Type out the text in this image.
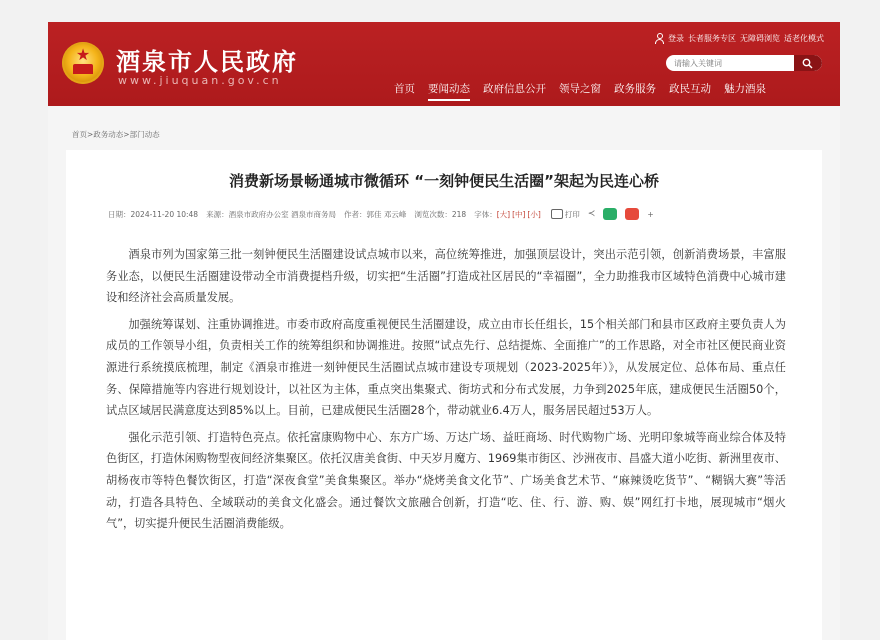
★	酒泉市人民政府
www.jiuquan.gov.cn
登录 长者服务专区 无障碍浏览 适老化模式
请输入关键词
首页 要闻动态 政府信息公开 领导之窗 政务服务 政民互动 魅力酒泉
首页>政务动态>部门动态
消费新场景畅通城市微循环 “一刻钟便民生活圈”架起为民连心桥
日期：2024-11-20 10:48 来源：酒泉市政府办公室 酒泉市商务局 作者：郭佳 邓云峰 浏览次数：218 字体： [大] [中] [小]	打印 ≺	+

酒泉市列为国家第三批一刻钟便民生活圈建设试点城市以来，高位统筹推进，加强顶层设计，突出示范引领，创新消费场景，丰富服务业态，以便民生活圈建设带动全市消费提档升级，切实把“生活圈”打造成社区居民的“幸福圈”，全力助推我市区域特色消费中心城市建设和经济社会高质量发展。

加强统筹谋划、注重协调推进。市委市政府高度重视便民生活圈建设，成立由市长任组长，15个相关部门和县市区政府主要负责人为成员的工作领导小组，负责相关工作的统筹组织和协调推进。按照“试点先行、总结提炼、全面推广”的工作思路，对全市社区便民商业资源进行系统摸底梳理，制定《酒泉市推进一刻钟便民生活圈试点城市建设专项规划（2023-2025年）》，从发展定位、总体布局、重点任务、保障措施等内容进行规划设计，以社区为主体，重点突出集聚式、街坊式和分布式发展，力争到2025年底，建成便民生活圈50个，试点区域居民满意度达到85%以上。目前，已建成便民生活圈28个，带动就业6.4万人，服务居民超过53万人。

强化示范引领、打造特色亮点。依托富康购物中心、东方广场、万达广场、益旺商场、时代购物广场、光明印象城等商业综合体及特色街区，打造休闲购物型夜间经济集聚区。依托汉唐美食街、中天岁月魔方、1969集市街区、沙洲夜市、昌盛大道小吃街、新洲里夜市、胡杨夜市等特色餐饮街区，打造“深夜食堂”美食集聚区。举办“烧烤美食文化节”、广场美食艺术节、“麻辣烫吃货节”、“糊锅大赛”等活动，打造各具特色、全域联动的美食文化盛会。通过餐饮文旅融合创新，打造“吃、住、行、游、购、娱”网红打卡地，展现城市“烟火气”，切实提升便民生活圈消费能级。
